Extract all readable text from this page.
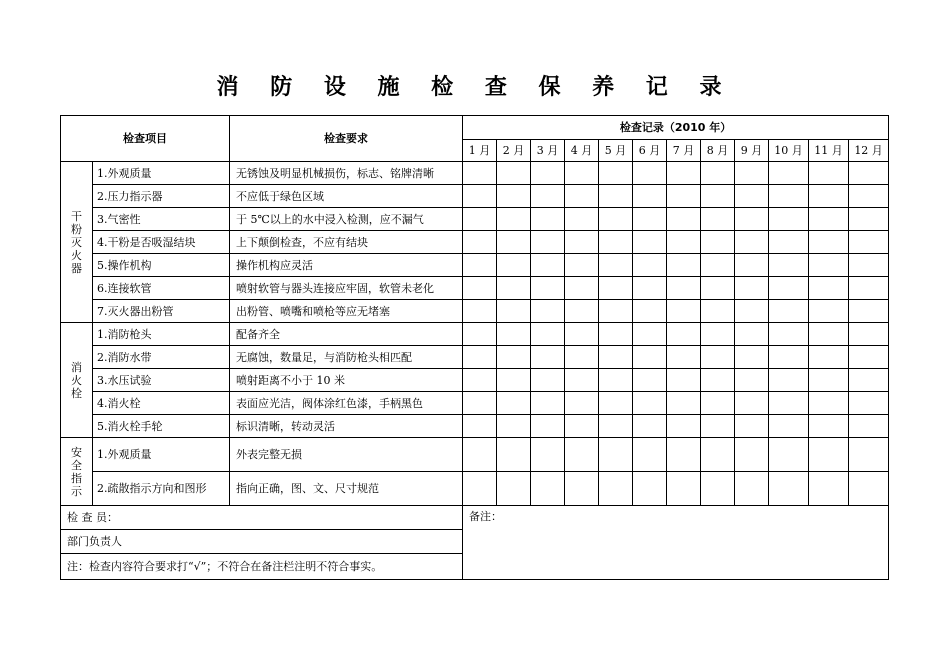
消 防 设 施 检 查 保 养 记 录
检查项目		检查要求	检查记录（2010 年）											
			1 月	2 月	3 月	4 月	5 月	6 月	7 月	8 月	9 月	10 月	11 月	12 月

干
粉
灭
火
器	1.外观质量	无锈蚀及明显机械损伤，标志、铭牌清晰												
	2.压力指示器	不应低于绿色区域												
	3.气密性	于 5℃以上的水中浸入检测，应不漏气												
	4.干粉是否吸湿结块	上下颠倒检查，不应有结块												
	5.操作机构	操作机构应灵活												
	6.连接软管	喷射软管与器头连接应牢固，软管未老化												
	7.灭火器出粉管	出粉管、喷嘴和喷枪等应无堵塞												

消
火
栓	1.消防枪头	配备齐全												
	2.消防水带	无腐蚀，数量足，与消防枪头相匹配												
	3.水压试验	喷射距离不小于 10 米												
	4.消火栓	表面应光洁，阀体涂红色漆，手柄黑色												
	5.消火栓手轮	标识清晰，转动灵活												

安
全
指
示	1.外观质量	外表完整无损												
	2.疏散指示方向和图形	指向正确，图、文、尺寸规范												
检 查 员：			备注：											
部门负责人														
注：检查内容符合要求打“√”；不符合在备注栏注明不符合事实。														
